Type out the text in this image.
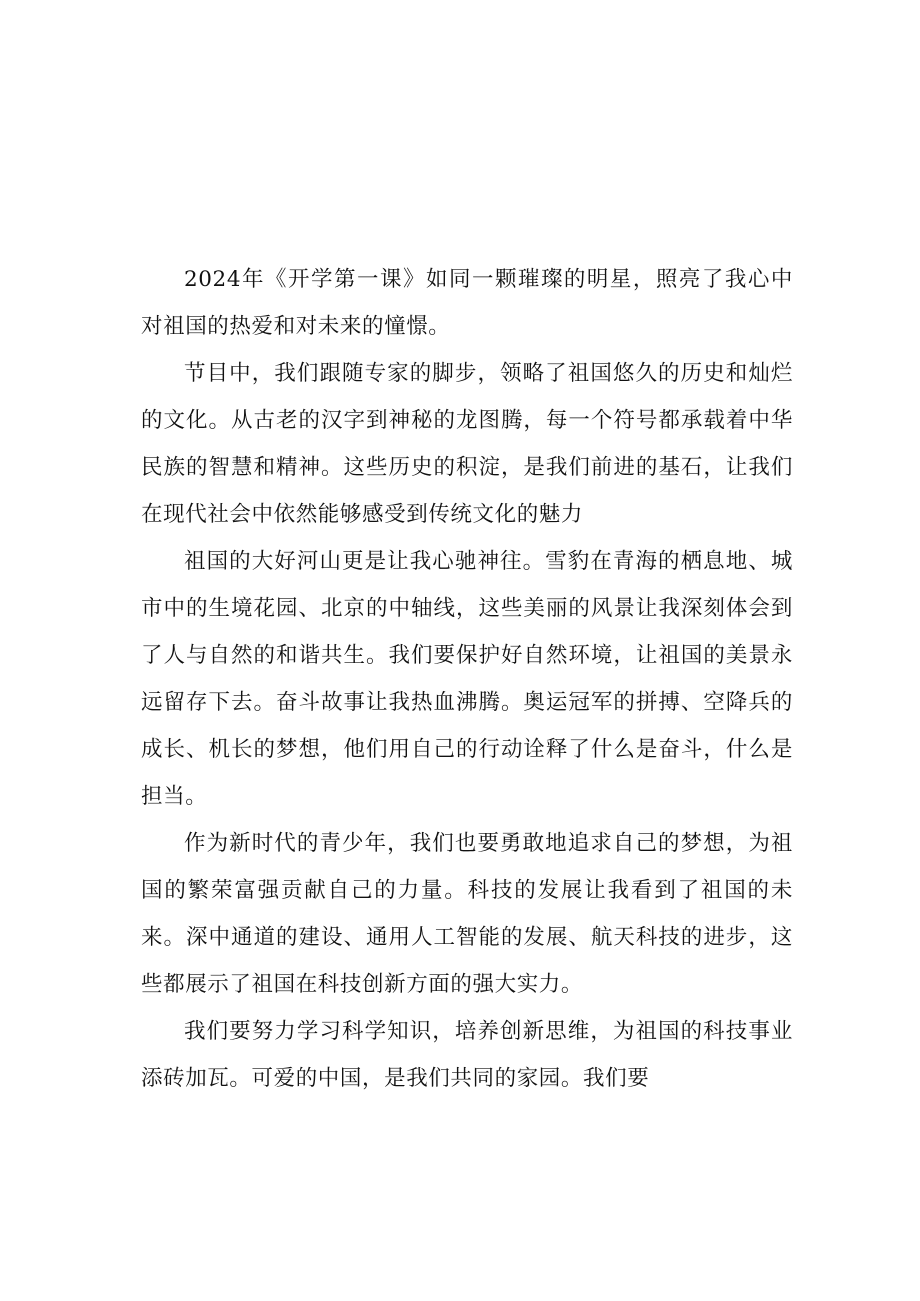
2024年《开学第一课》如同一颗璀璨的明星，照亮了我心中对祖国的热爱和对未来的憧憬。

节目中，我们跟随专家的脚步，领略了祖国悠久的历史和灿烂的文化。从古老的汉字到神秘的龙图腾，每一个符号都承载着中华民族的智慧和精神。这些历史的积淀，是我们前进的基石，让我们在现代社会中依然能够感受到传统文化的魅力

祖国的大好河山更是让我心驰神往。雪豹在青海的栖息地、城市中的生境花园、北京的中轴线，这些美丽的风景让我深刻体会到了人与自然的和谐共生。我们要保护好自然环境，让祖国的美景永远留存下去。奋斗故事让我热血沸腾。奥运冠军的拼搏、空降兵的成长、机长的梦想，他们用自己的行动诠释了什么是奋斗，什么是担当。

作为新时代的青少年，我们也要勇敢地追求自己的梦想，为祖国的繁荣富强贡献自己的力量。科技的发展让我看到了祖国的未来。深中通道的建设、通用人工智能的发展、航天科技的进步，这些都展示了祖国在科技创新方面的强大实力。

我们要努力学习科学知识，培养创新思维，为祖国的科技事业添砖加瓦。可爱的中国，是我们共同的家园。我们要
